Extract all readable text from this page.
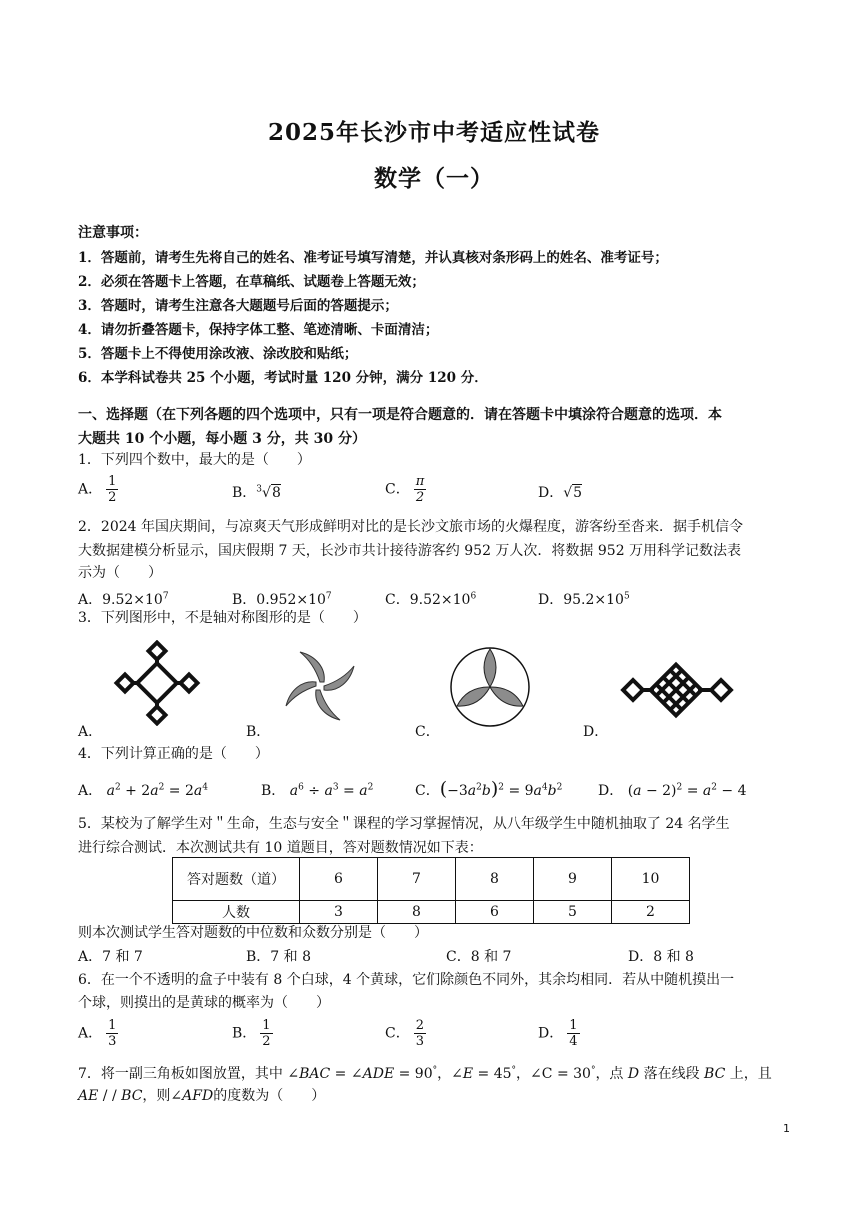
2025年长沙市中考适应性试卷
数学（一）
注意事项：
1．答题前，请考生先将自己的姓名、准考证号填写清楚，并认真核对条形码上的姓名、准考证号；
2．必须在答题卡上答题，在草稿纸、试题卷上答题无效；
3．答题时，请考生注意各大题题号后面的答题提示；
4．请勿折叠答题卡，保持字体工整、笔迹清晰、卡面清洁；
5．答题卡上不得使用涂改液、涂改胶和贴纸；
6．本学科试卷共 25 个小题，考试时量 120 分钟，满分 120 分．
一、选择题（在下列各题的四个选项中，只有一项是符合题意的．请在答题卡中填涂符合题意的选项．本
大题共 10 个小题，每小题 3 分，共 30 分）
1．下列四个数中，最大的是（　　）
A． $\frac{1}{2}$	B．$^3$√8	C． $\frac{\pi}{2}$	D．√5
2．2024 年国庆期间，与凉爽天气形成鲜明对比的是长沙文旅市场的火爆程度，游客纷至沓来．据手机信令
大数据建模分析显示，国庆假期 7 天，长沙市共计接待游客约 952 万人次．将数据 952 万用科学记数法表
示为（　　）
A．$9.52\times 10^7$	B．$0.952\times 10^7$	C．$9.52\times 10^6$	D．$95.2\times 10^5$
3．下列图形中，不是轴对称图形的是（　　）
A．	B．	C．	D．
4．下列计算正确的是（　　）
A． $a^2 + 2a^2 = 2a^4$	B． $a^6 \div a^3 = a^2$	C．$(-3a^2b)^2 = 9a^4b^2$	D． $(a - 2)^2 = a^2 - 4$
5．某校为了解学生对＂生命，生态与安全＂课程的学习掌握情况，从八年级学生中随机抽取了 24 名学生
进行综合测试．本次测试共有 10 道题目，答对题数情况如下表：
答对题数（道）	6	7	8	9	10
人数	3	8	6	5	2
则本次测试学生答对题数的中位数和众数分别是（　　）
A．7 和 7	B．7 和 8	C．8 和 7	D．8 和 8
6．在一个不透明的盒子中装有 8 个白球，4 个黄球，它们除颜色不同外，其余均相同．若从中随机摸出一
个球，则摸出的是黄球的概率为（　　）
A． $\frac{1}{3}$	B． $\frac{1}{2}$	C． $\frac{2}{3}$	D． $\frac{1}{4}$
7．将一副三角板如图放置，其中 ∠BAC = ∠ADE = 90°，∠E = 45°，∠C = 30°，点 D 落在线段 BC 上，且
AE / / BC，则∠AFD的度数为（　　）
1
